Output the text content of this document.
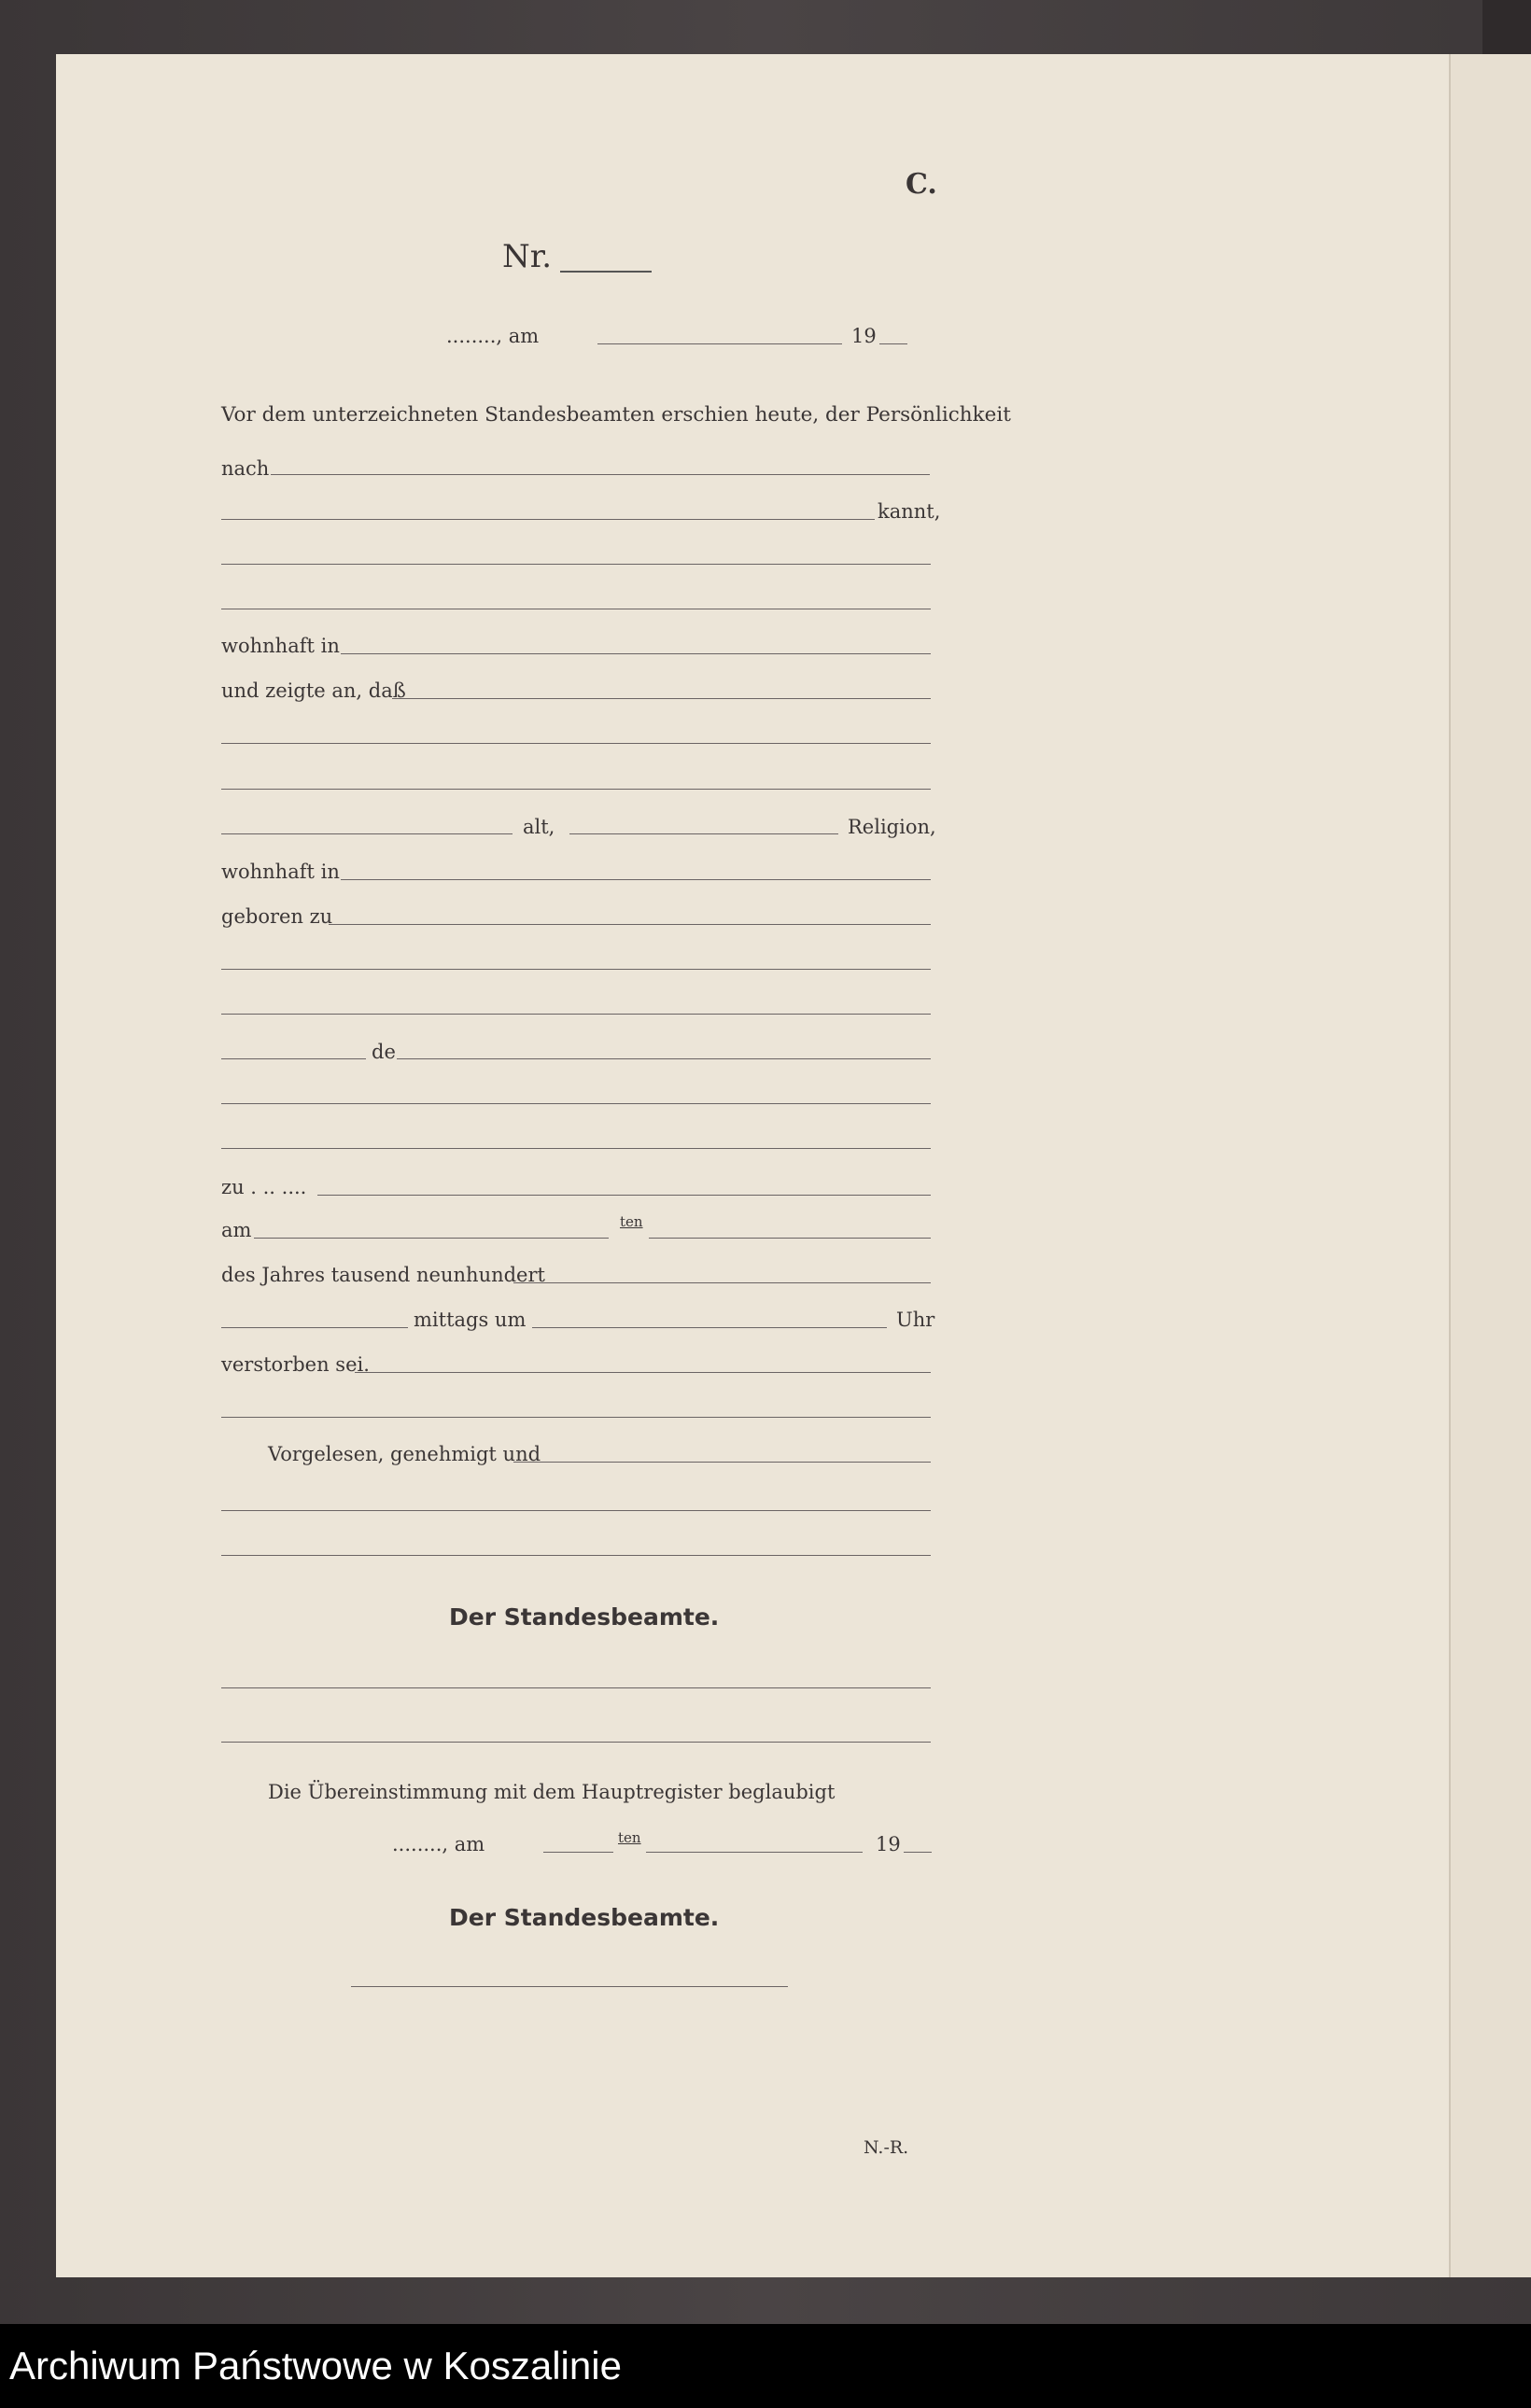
C.
Nr.
........, am	19
Vor dem unterzeichneten Standesbeamten erschien heute, der Persönlichkeit
nach
kannt,
wohnhaft in
und zeigte an, daß
alt,	Religion,
wohnhaft in
geboren zu
de
zu . .. ....
am	ten
des Jahres tausend neunhundert
mittags um	Uhr
verstorben sei.
Vorgelesen, genehmigt und
Der Standesbeamte.
Die Übereinstimmung mit dem Hauptregister beglaubigt
........, am	ten	19
Der Standesbeamte.
N.-R.
Archiwum Państwowe w Koszalinie
